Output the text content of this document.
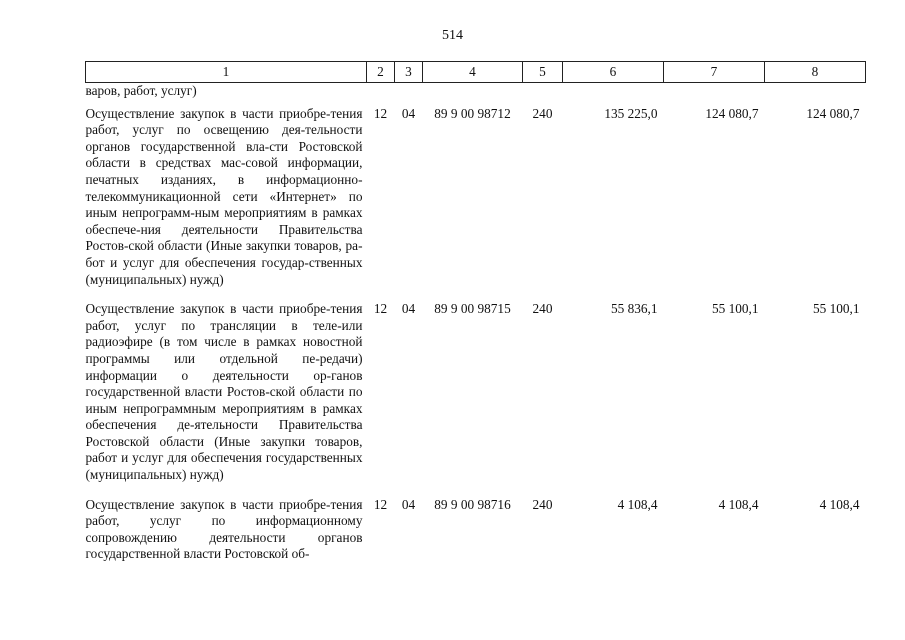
514
1	2	3	4	5	6	7	8
варов, работ, услуг)							
Осуществление закупок в части приобре-тения работ, услуг по освещению дея-тельности органов государственной вла-сти Ростовской области в средствах мас-совой информации, печатных изданиях, в информационно-телекоммуникационной сети «Интернет» по иным непрограмм-ным мероприятиям в рамках обеспече-ния деятельности Правительства Ростов-ской области (Иные закупки товаров, ра-бот и услуг для обеспечения государ-ственных (муниципальных) нужд)	12	04	89 9 00 98712	240	135 225,0	124 080,7	124 080,7
Осуществление закупок в части приобре-тения работ, услуг по трансляции в теле-или радиоэфире (в том числе в рамках новостной программы или отдельной пе-редачи) информации о деятельности ор-ганов государственной власти Ростов-ской области по иным непрограммным мероприятиям в рамках обеспечения де-ятельности Правительства Ростовской области (Иные закупки товаров, работ и услуг для обеспечения государственных (муниципальных) нужд)	12	04	89 9 00 98715	240	55 836,1	55 100,1	55 100,1
Осуществление закупок в части приобре-тения работ, услуг по информационному сопровождению деятельности органов государственной власти Ростовской об-	12	04	89 9 00 98716	240	4 108,4	4 108,4	4 108,4
